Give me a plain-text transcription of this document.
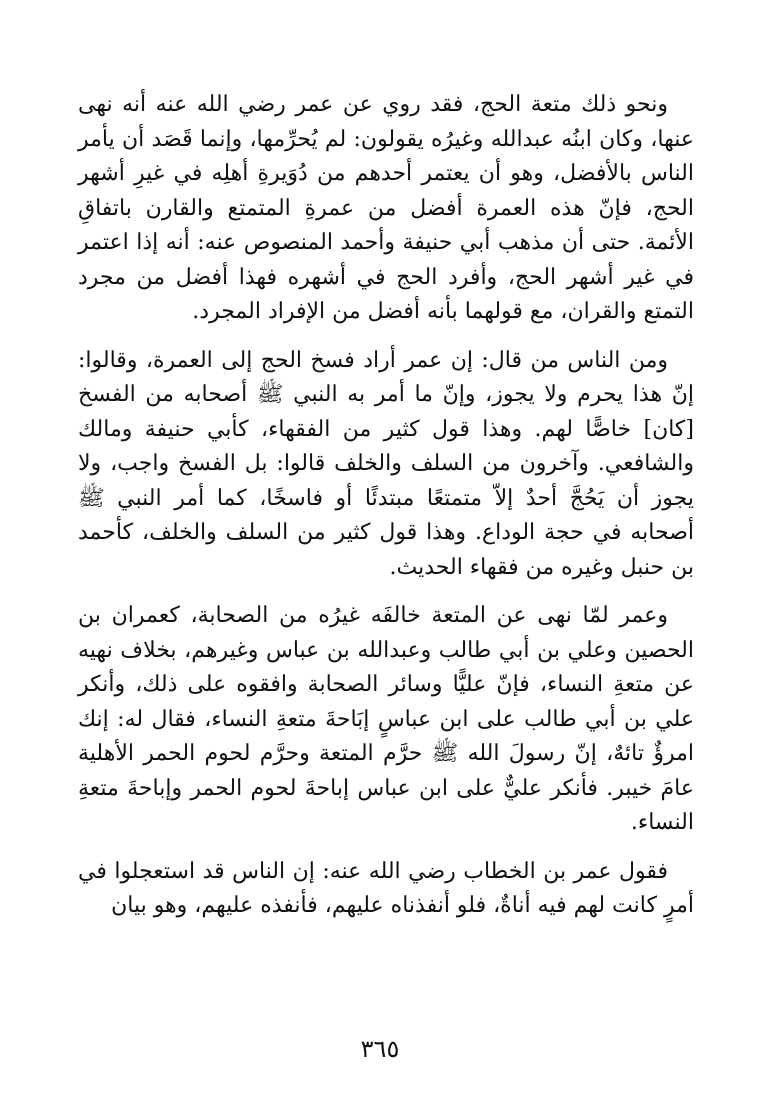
ونحو ذلك متعة الحج، فقد روي عن عمر رضي الله عنه أنه نهى عنها، وكان ابنُه عبدالله وغيرُه يقولون: لم يُحرِّمها، وإنما قَصَد أن يأمر الناس بالأفضل، وهو أن يعتمر أحدهم من دُوَيرةِ أهلِه في غيرِ أشهر الحج، فإنّ هذه العمرة أفضل من عمرةِ المتمتع والقارن باتفاقِ الأئمة. حتى أن مذهب أبي حنيفة وأحمد المنصوص عنه: أنه إذا اعتمر في غير أشهر الحج، وأفرد الحج في أشهره فهذا أفضل من مجرد التمتع والقران، مع قولهما بأنه أفضل من الإفراد المجرد.

ومن الناس من قال: إن عمر أراد فسخ الحج إلى العمرة، وقالوا: إنّ هذا يحرم ولا يجوز، وإنّ ما أمر به النبي ﷺ أصحابه من الفسخ [كان] خاصًّا لهم. وهذا قول كثير من الفقهاء، كأبي حنيفة ومالك والشافعي. وآخرون من السلف والخلف قالوا: بل الفسخ واجب، ولا يجوز أن يَحُجَّ أحدٌ إلاّ متمتعًا مبتدئًا أو فاسخًا، كما أمر النبي ﷺ أصحابه في حجة الوداع. وهذا قول كثير من السلف والخلف، كأحمد بن حنبل وغيره من فقهاء الحديث.

وعمر لمّا نهى عن المتعة خالفَه غيرُه من الصحابة، كعمران بن الحصين وعلي بن أبي طالب وعبدالله بن عباس وغيرهم، بخلاف نهيه عن متعةِ النساء، فإنّ عليًّا وسائر الصحابة وافقوه على ذلك، وأنكر علي بن أبي طالب على ابن عباسٍ إبَاحةَ متعةِ النساء، فقال له: إنك امرؤٌ تائهٌ، إنّ رسولَ الله ﷺ حرَّم المتعة وحرَّم لحوم الحمر الأهلية عامَ خيبر. فأنكر عليٌّ على ابن عباس إباحةَ لحوم الحمر وإباحةَ متعةِ النساء.

فقول عمر بن الخطاب رضي الله عنه: إن الناس قد استعجلوا في أمرٍ كانت لهم فيه أناةٌ، فلو أنفذناه عليهم، فأنفذه عليهم، وهو بيان

٣٦٥
